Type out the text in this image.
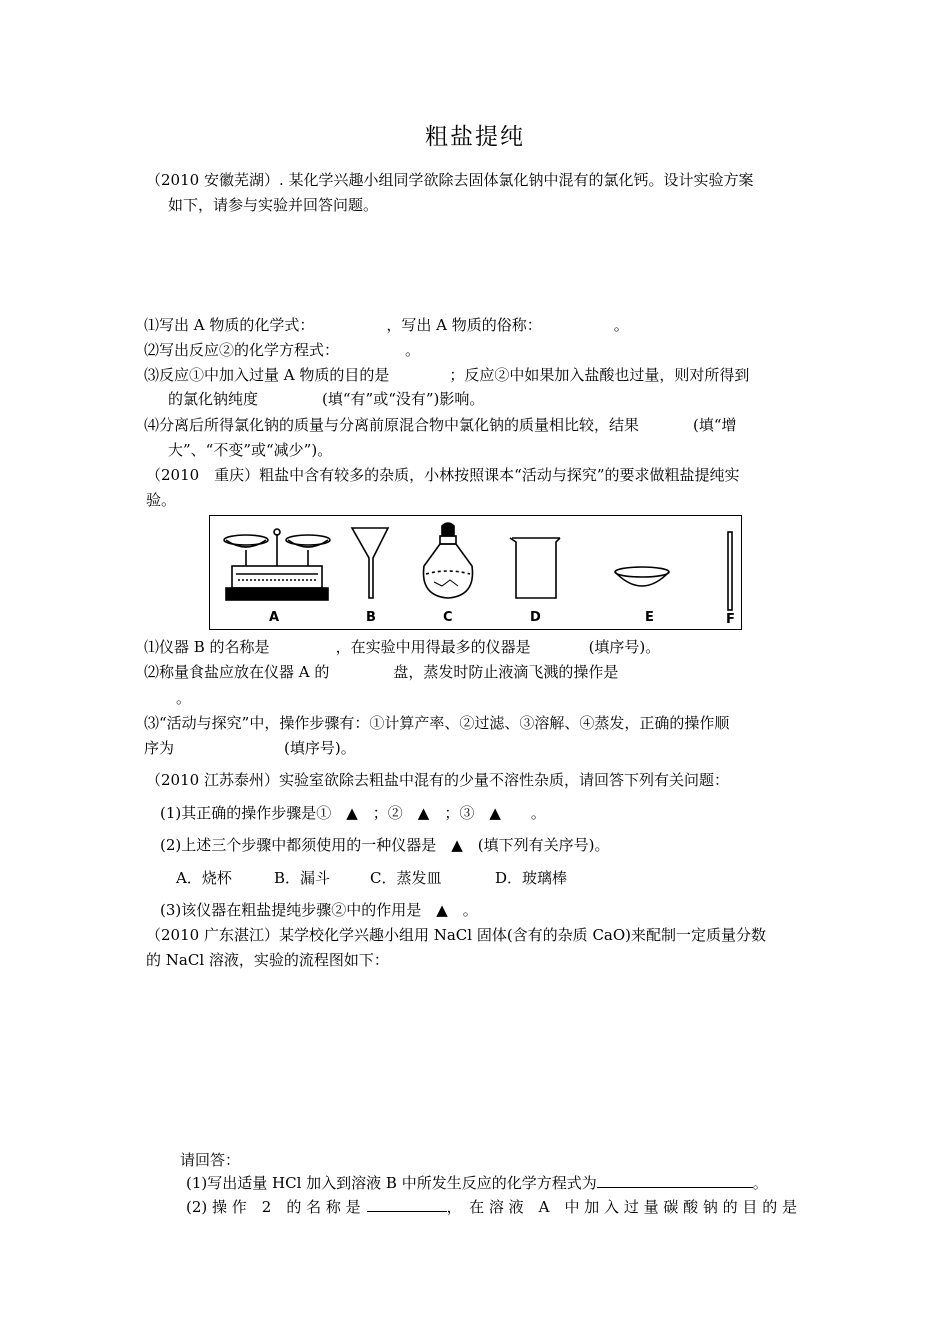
粗盐提纯
（2010 安徽芜湖）. 某化学兴趣小组同学欲除去固体氯化钠中混有的氯化钙。设计实验方案
如下，请参与实验并回答问题。
⑴写出 A 物质的化学式：	，写出 A 物质的俗称：	。
⑵写出反应②的化学方程式：	。
⑶反应①中加入过量 A 物质的目的是	；反应②中如果加入盐酸也过量，则对所得到
的氯化钠纯度	(填“有”或“没有”)影响。
⑷分离后所得氯化钠的质量与分离前原混合物中氯化钠的质量相比较，结果	(填“增
大”、“不变”或“减少”)。
（2010　重庆）粗盐中含有较多的杂质，小林按照课本“活动与探究”的要求做粗盐提纯实
验。
A	B	C	D	E	F
⑴仪器 B 的名称是	，在实验中用得最多的仪器是	(填序号)。
⑵称量食盐应放在仪器 A 的	盘，蒸发时防止液滴飞溅的操作是
。
⑶“活动与探究”中，操作步骤有：①计算产率、②过滤、③溶解、④蒸发，正确的操作顺
序为	(填序号)。
（2010 江苏泰州）实验室欲除去粗盐中混有的少量不溶性杂质，请回答下列有关问题：
(1)其正确的操作步骤是①　▲　；②　▲　；③　▲　　。
(2)上述三个步骤中都须使用的一种仪器是　▲　(填下列有关序号)。
A．烧杯	B．漏斗	C．蒸发皿	D．玻璃棒
(3)该仪器在粗盐提纯步骤②中的作用是　▲　。
（2010 广东湛江）某学校化学兴趣小组用 NaCl 固体(含有的杂质 CaO)来配制一定质量分数
的 NaCl 溶液，实验的流程图如下：
请回答：
(1)写出适量 HCl 加入到溶液 B 中所发生反应的化学方程式为	。
(2) 操 作　2　的 名 称 是	，　在 溶 液　A　中 加 入 过 量 碳 酸 钠 的 目 的 是
